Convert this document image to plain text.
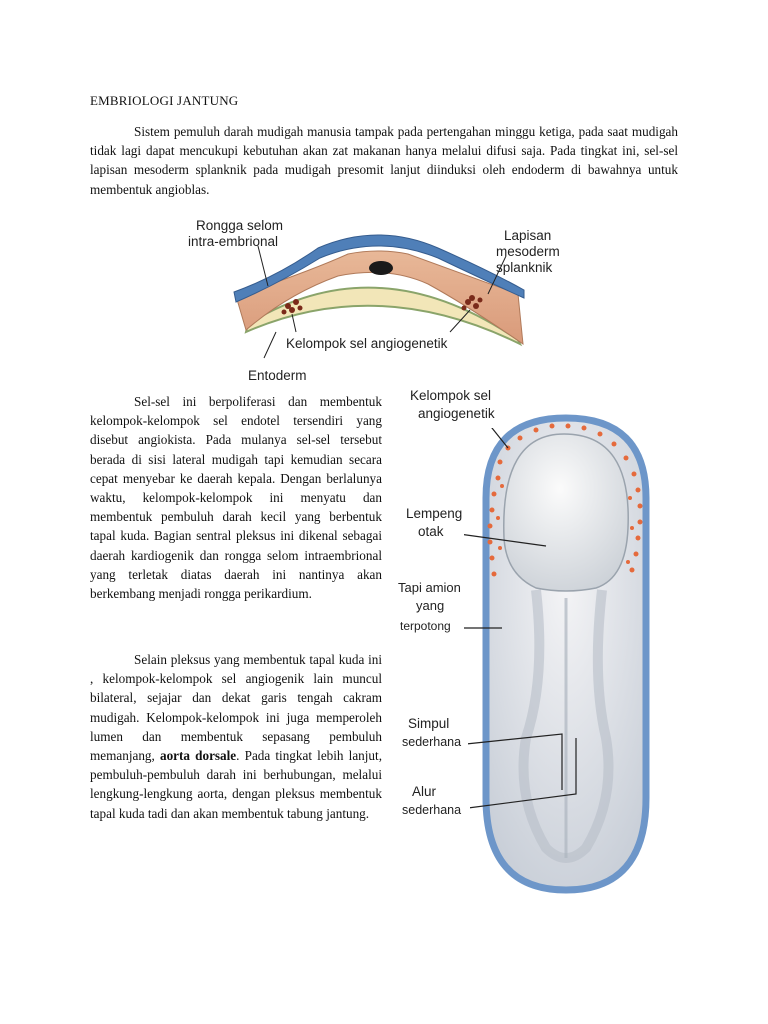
EMBRIOLOGI JANTUNG
Sistem pemuluh darah mudigah manusia tampak pada pertengahan minggu ketiga, pada saat mudigah tidak lagi dapat mencukupi kebutuhan akan zat makanan hanya melalui difusi saja. Pada tingkat ini, sel-sel lapisan mesoderm splanknik pada mudigah presomit lanjut diinduksi oleh endoderm di bawahnya untuk membentuk angioblas.
Rongga selom
intra-embrional	Lapisan
mesoderm
splanknik
Kelompok sel angiogenetik
Entoderm
Sel-sel ini berpoliferasi dan membentuk kelompok-kelompok sel endotel tersendiri yang disebut angiokista. Pada mulanya sel-sel tersebut berada di sisi lateral mudigah tapi kemudian secara cepat menyebar ke daerah kepala. Dengan berlalunya waktu, kelompok-kelompok ini menyatu dan membentuk pembuluh darah kecil yang berbentuk tapal kuda. Bagian sentral pleksus ini dikenal sebagai daerah kardiogenik dan rongga selom intraembrional yang terletak diatas daerah ini nantinya akan berkembang menjadi rongga perikardium.
Selain pleksus yang membentuk tapal kuda ini , kelompok-kelompok sel angiogenik lain muncul bilateral, sejajar dan dekat garis tengah cakram mudigah. Kelompok-kelompok ini juga memperoleh lumen dan membentuk sepasang pembuluh memanjang, aorta dorsale. Pada tingkat lebih lanjut, pembuluh-pembuluh darah ini berhubungan, melalui lengkung-lengkung aorta, dengan pleksus membentuk tapal kuda tadi dan akan membentuk tabung jantung.
Kelompok sel
angiogenetik
Lempeng
otak
Tapi amion
yang
terpotong
Simpul
sederhana
Alur
sederhana
